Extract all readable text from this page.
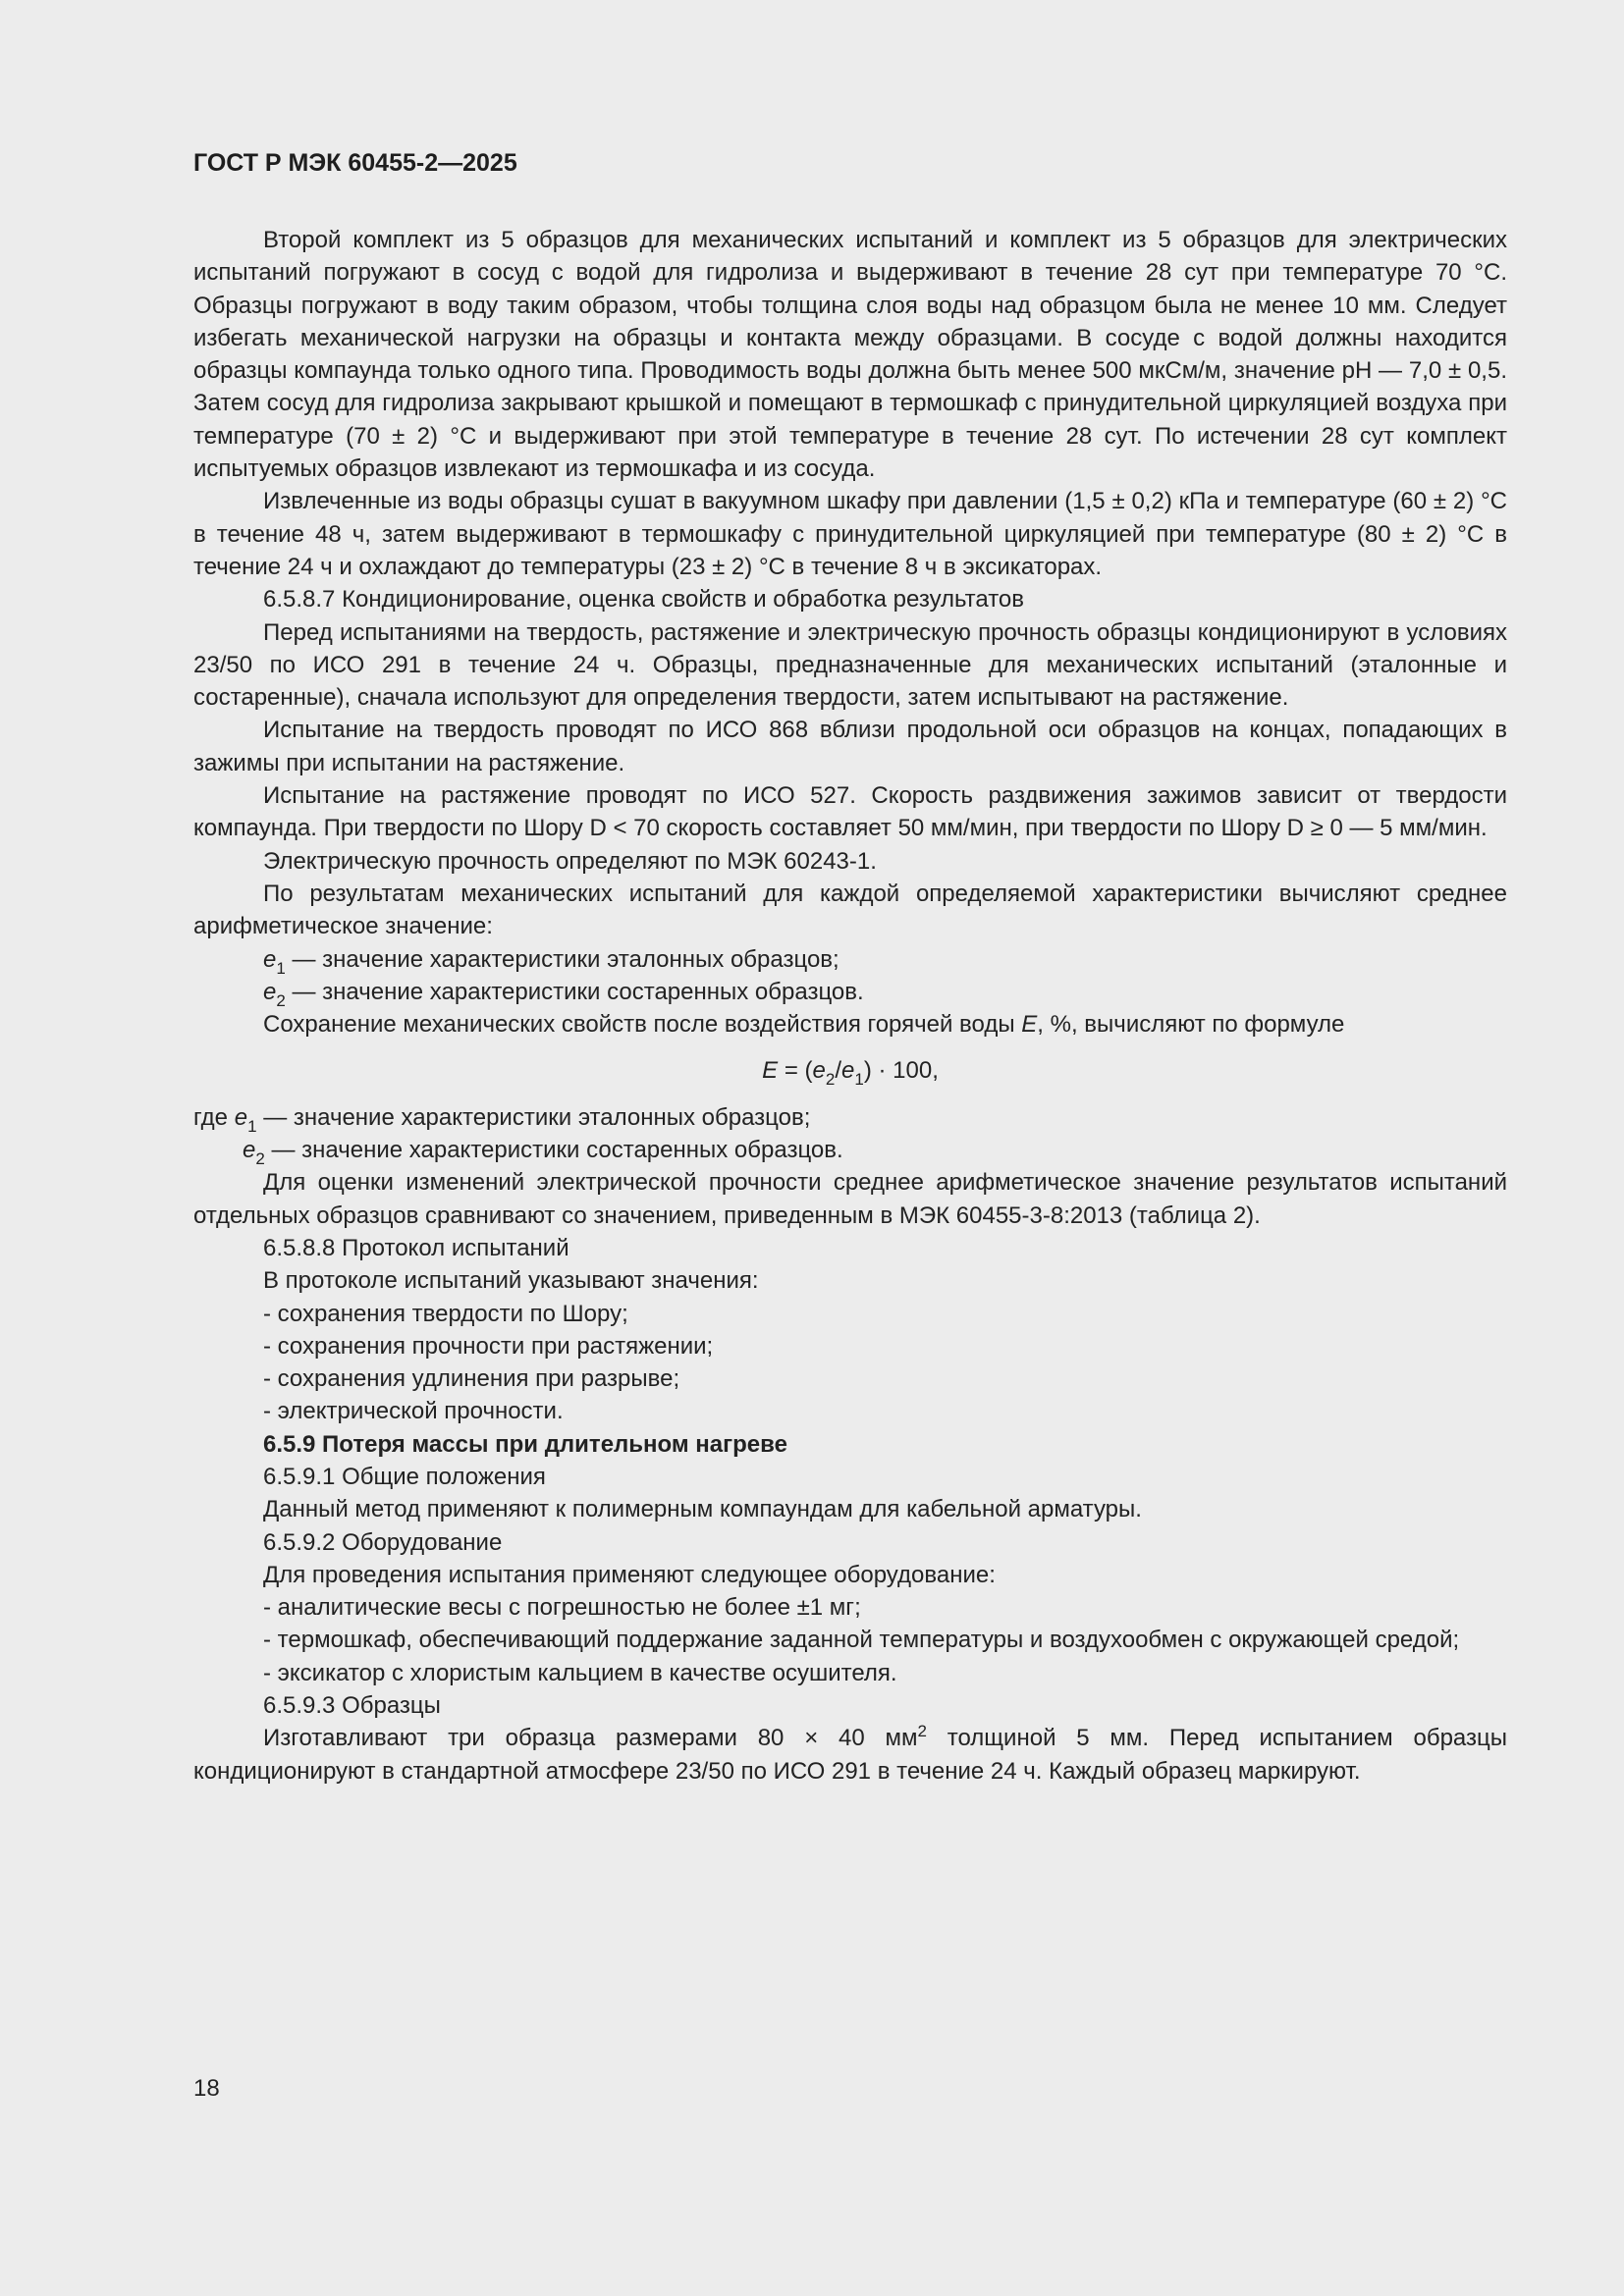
ГОСТ Р МЭК 60455-2—2025

Второй комплект из 5 образцов для механических испытаний и комплект из 5 образцов для электрических испытаний погружают в сосуд с водой для гидролиза и выдерживают в течение 28 сут при температуре 70 °С. Образцы погружают в воду таким образом, чтобы толщина слоя воды над образцом была не менее 10 мм. Следует избегать механической нагрузки на образцы и контакта между образцами. В сосуде с водой должны находится образцы компаунда только одного типа. Проводимость воды должна быть менее 500 мкСм/м, значение рН — 7,0 ± 0,5. Затем сосуд для гидролиза закрывают крышкой и помещают в термошкаф с принудительной циркуляцией воздуха при температуре (70 ± 2) °С и выдерживают при этой температуре в течение 28 сут. По истечении 28 сут комплект испытуемых образцов извлекают из термошкафа и из сосуда.

Извлеченные из воды образцы сушат в вакуумном шкафу при давлении (1,5 ± 0,2) кПа и температуре (60 ± 2) °С в течение 48 ч, затем выдерживают в термошкафу с принудительной циркуляцией при температуре (80 ± 2) °С в течение 24 ч и охлаждают до температуры (23 ± 2) °С в течение 8 ч в эксикаторах.

6.5.8.7 Кондиционирование, оценка свойств и обработка результатов

Перед испытаниями на твердость, растяжение и электрическую прочность образцы кондиционируют в условиях 23/50 по ИСО 291 в течение 24 ч. Образцы, предназначенные для механических испытаний (эталонные и состаренные), сначала используют для определения твердости, затем испытывают на растяжение.

Испытание на твердость проводят по ИСО 868 вблизи продольной оси образцов на концах, попадающих в зажимы при испытании на растяжение.

Испытание на растяжение проводят по ИСО 527. Скорость раздвижения зажимов зависит от твердости компаунда. При твердости по Шору D < 70 скорость составляет 50 мм/мин, при твердости по Шору D ≥ 0 — 5 мм/мин.

Электрическую прочность определяют по МЭК 60243-1.

По результатам механических испытаний для каждой определяемой характеристики вычисляют среднее арифметическое значение:

$e_1$ — значение характеристики эталонных образцов;

$e_2$ — значение характеристики состаренных образцов.

Сохранение механических свойств после воздействия горячей воды E, %, вычисляют по формуле

$E = (e_2/e_1) \cdot 100$,

где $e_1$ — значение характеристики эталонных образцов;

$e_2$ — значение характеристики состаренных образцов.

Для оценки изменений электрической прочности среднее арифметическое значение результатов испытаний отдельных образцов сравнивают со значением, приведенным в МЭК 60455-3-8:2013 (таблица 2).

6.5.8.8 Протокол испытаний

В протоколе испытаний указывают значения:

- сохранения твердости по Шору;

- сохранения прочности при растяжении;

- сохранения удлинения при разрыве;

- электрической прочности.

6.5.9 Потеря массы при длительном нагреве

6.5.9.1 Общие положения

Данный метод применяют к полимерным компаундам для кабельной арматуры.

6.5.9.2 Оборудование

Для проведения испытания применяют следующее оборудование:

- аналитические весы с погрешностью не более ±1 мг;

- термошкаф, обеспечивающий поддержание заданной температуры и воздухообмен с окружающей средой;

- эксикатор с хлористым кальцием в качестве осушителя.

6.5.9.3 Образцы

Изготавливают три образца размерами 80 × 40 $мм^2$ толщиной 5 мм. Перед испытанием образцы кондиционируют в стандартной атмосфере 23/50 по ИСО 291 в течение 24 ч. Каждый образец маркируют.

18
